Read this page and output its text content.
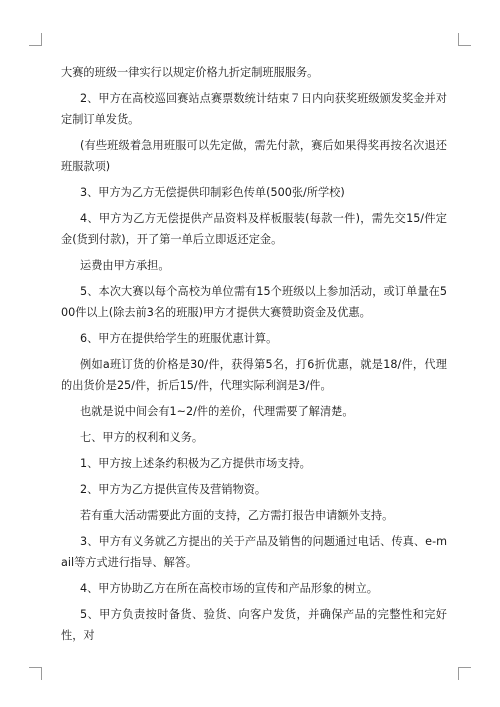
大赛的班级一律实行以规定价格九折定制班服服务。

2、甲方在高校巡回赛站点赛票数统计结束７日内向获奖班级颁发奖金并对定制订单发货。

(有些班级着急用班服可以先定做，需先付款，赛后如果得奖再按名次退还班服款项)

3、甲方为乙方无偿提供印制彩色传单(500张/所学校)

4、甲方为乙方无偿提供产品资料及样板服装(每款一件)，需先交15/件定金(货到付款)，开了第一单后立即返还定金。

运费由甲方承担。

5、本次大赛以每个高校为单位需有15个班级以上参加活动，或订单量在500件以上(除去前3名的班服)甲方才提供大赛赞助资金及优惠。

6、甲方在提供给学生的班服优惠计算。

例如a班订货的价格是30/件，获得第5名，打6折优惠，就是18/件，代理的出货价是25/件，折后15/件，代理实际利润是3/件。

也就是说中间会有1~2/件的差价，代理需要了解清楚。

七、甲方的权利和义务。

1、甲方按上述条约积极为乙方提供市场支持。

2、甲方为乙方提供宣传及营销物资。

若有重大活动需要此方面的支持，乙方需打报告申请额外支持。

3、甲方有义务就乙方提出的关于产品及销售的问题通过电话、传真、e-mail等方式进行指导、解答。

4、甲方协助乙方在所在高校市场的宣传和产品形象的树立。

5、甲方负责按时备货、验货、向客户发货，并确保产品的完整性和完好性，对
